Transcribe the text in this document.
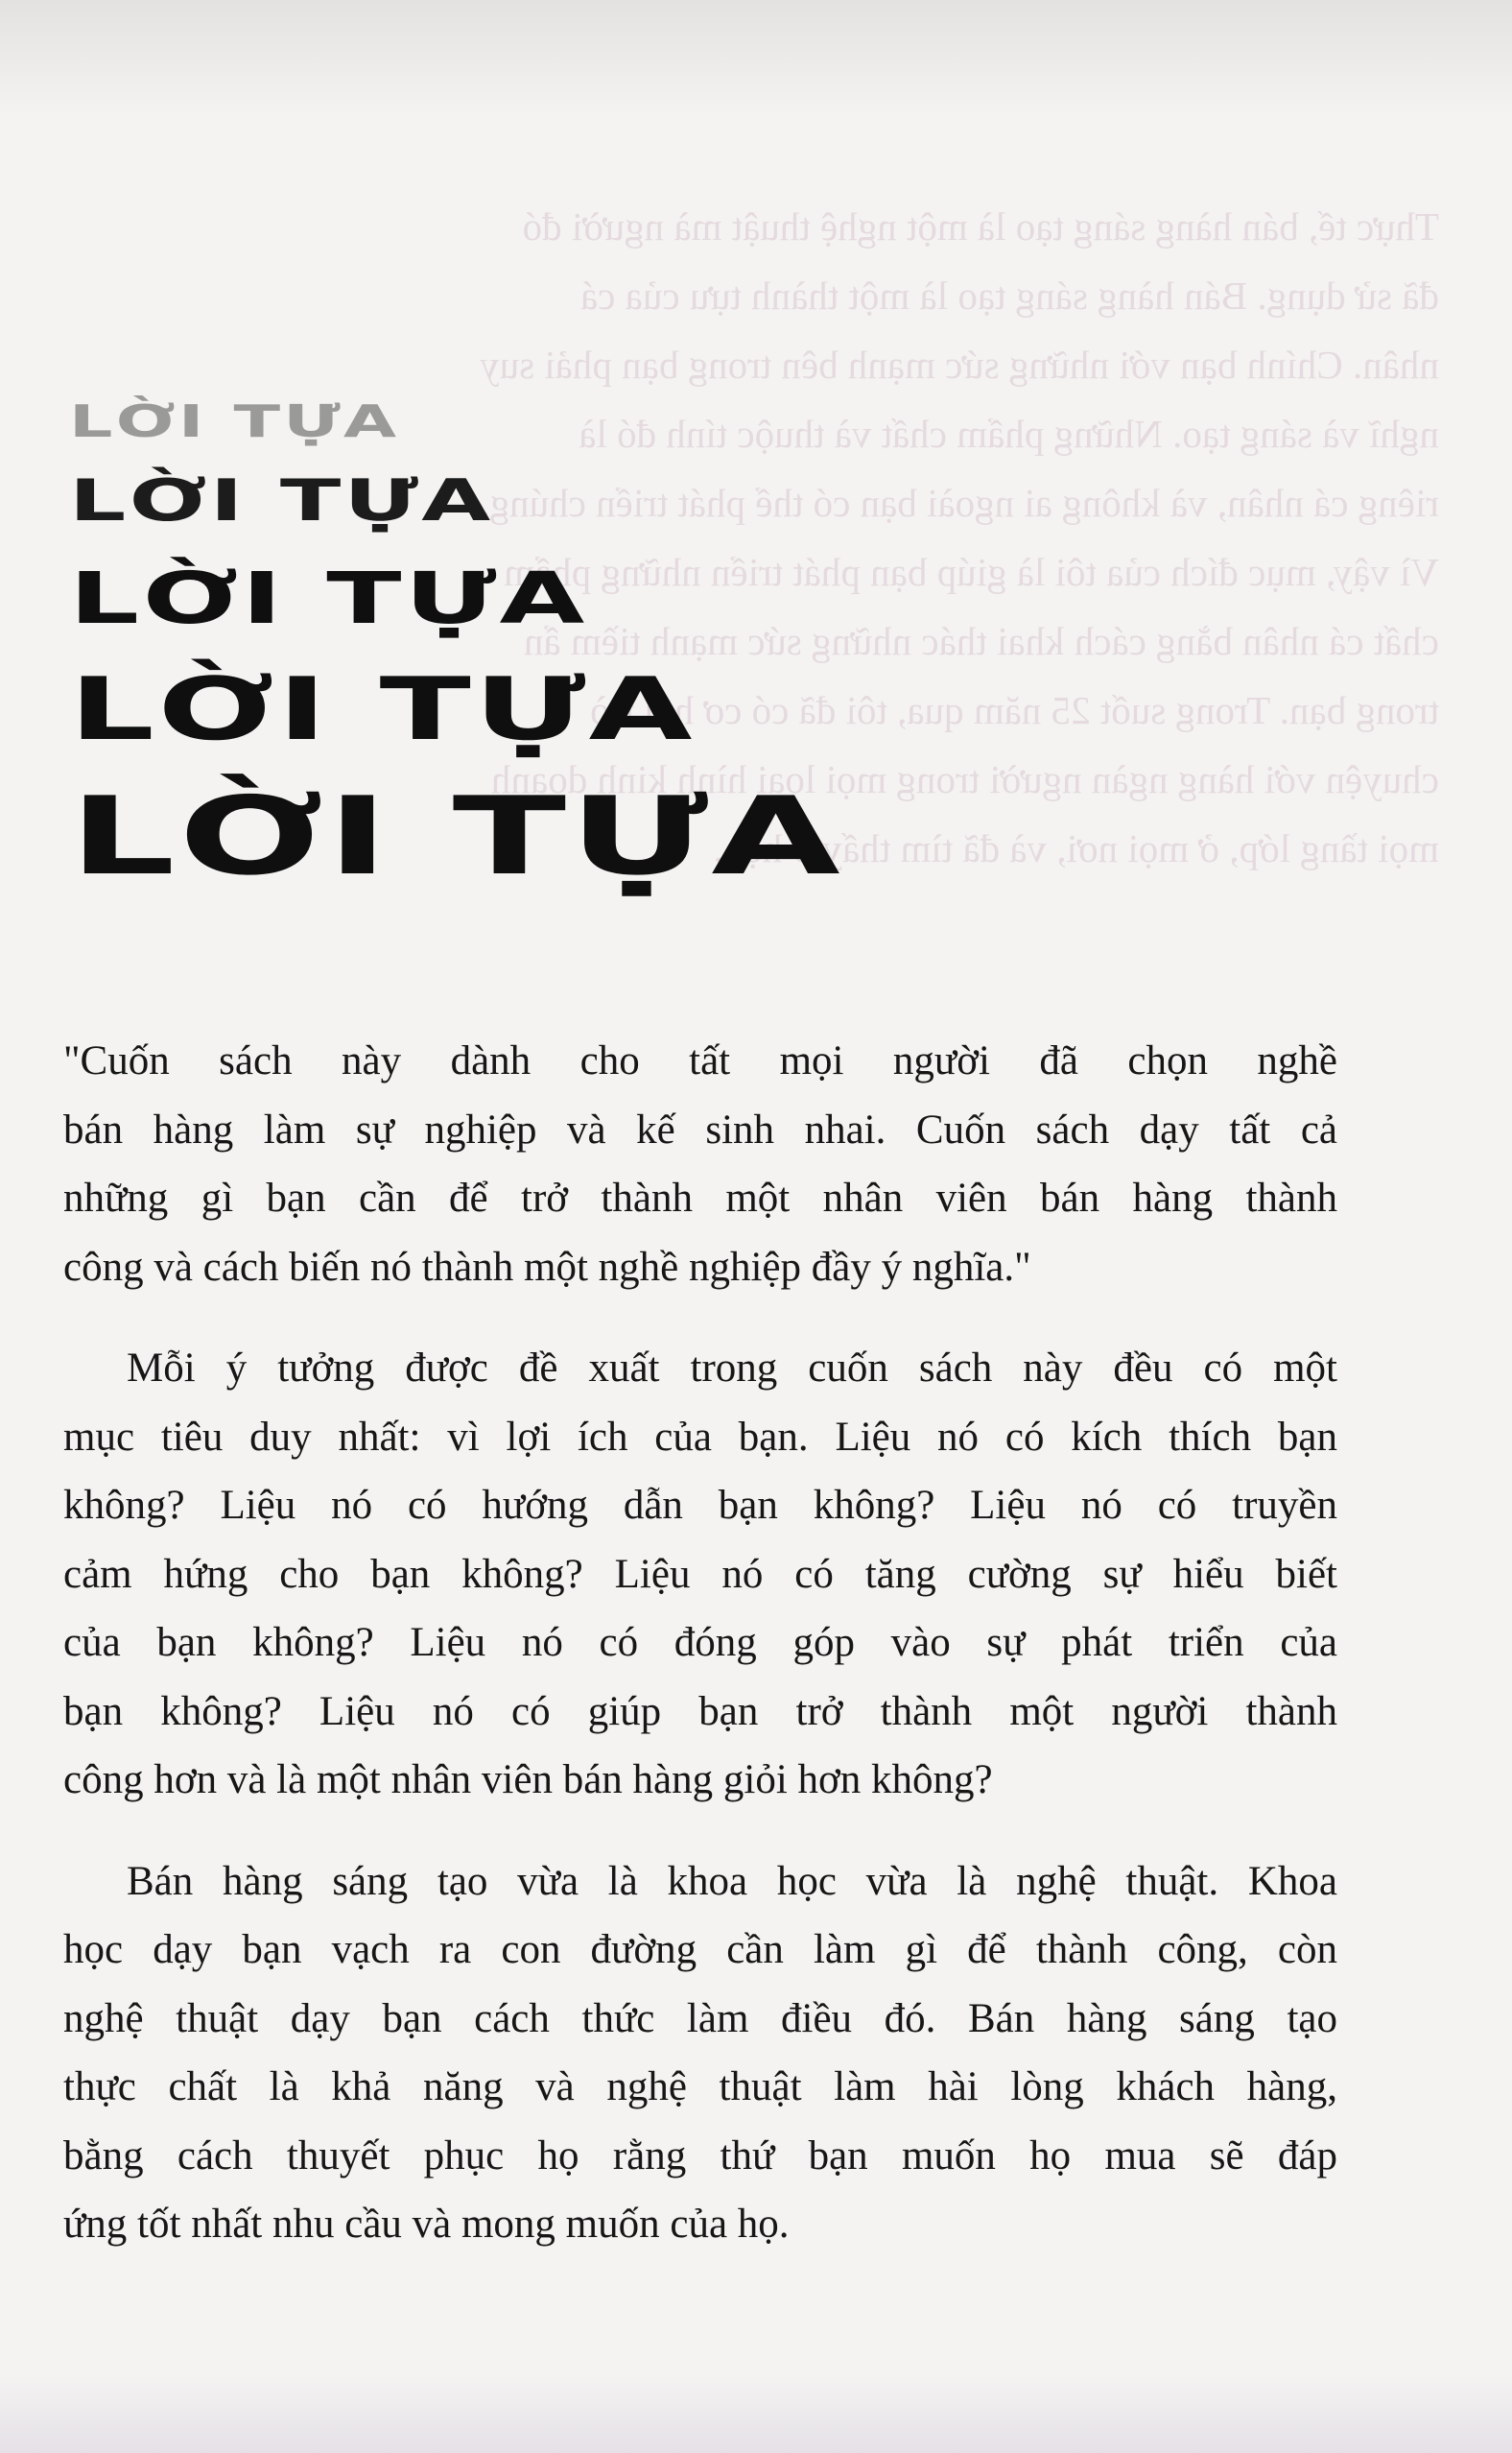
Thực tế, bán hàng sáng tạo là một nghệ thuật mà người đó
đã sử dụng. Bán hàng sáng tạo là một thành tựu của cá
nhân. Chính bạn với những sức mạnh bên trong bạn phải suy
nghĩ và sáng tạo. Những phẩm chất và thuộc tính đó là
riêng cá nhân, và không ai ngoài bạn có thể phát triển chúng.
Vì vậy, mục đích của tôi là giúp bạn phát triển những phẩm
chất cá nhân bằng cách khai thác những sức mạnh tiềm ẩn
trong bạn. Trong suốt 25 năm qua, tôi đã có cơ hội trò
chuyện với hàng ngàn người trong mọi loại hình kinh doanh
mọi tầng lớp, ở mọi nơi, và đã tìm thấy ở họ...
LỜI TỰA
LỜI TỰA
LỜI TỰA
LỜI TỰA
LỜI TỰA
"Cuốn sách này dành cho tất mọi người đã chọn nghề
bán hàng làm sự nghiệp và kế sinh nhai. Cuốn sách dạy tất cả
những gì bạn cần để trở thành một nhân viên bán hàng thành
công và cách biến nó thành một nghề nghiệp đầy ý nghĩa."
Mỗi ý tưởng được đề xuất trong cuốn sách này đều có một
mục tiêu duy nhất: vì lợi ích của bạn. Liệu nó có kích thích bạn
không? Liệu nó có hướng dẫn bạn không? Liệu nó có truyền
cảm hứng cho bạn không? Liệu nó có tăng cường sự hiểu biết
của bạn không? Liệu nó có đóng góp vào sự phát triển của
bạn không? Liệu nó có giúp bạn trở thành một người thành
công hơn và là một nhân viên bán hàng giỏi hơn không?
Bán hàng sáng tạo vừa là khoa học vừa là nghệ thuật. Khoa
học dạy bạn vạch ra con đường cần làm gì để thành công, còn
nghệ thuật dạy bạn cách thức làm điều đó. Bán hàng sáng tạo
thực chất là khả năng và nghệ thuật làm hài lòng khách hàng,
bằng cách thuyết phục họ rằng thứ bạn muốn họ mua sẽ đáp
ứng tốt nhất nhu cầu và mong muốn của họ.
